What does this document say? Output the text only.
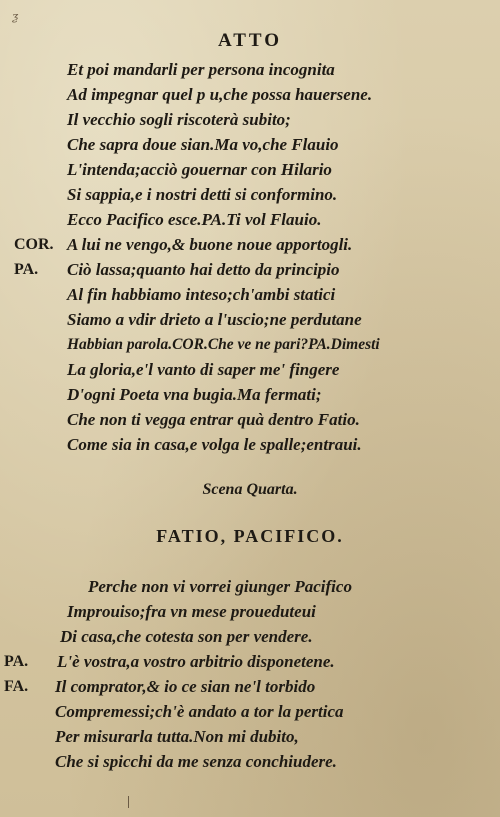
ƺ
ATTO
Et poi mandarli per persona incognita
Ad impegnar quel p u,che possa hauersene.
Il vecchio sogli riscoterà subito;
Che sapra doue sian.Ma vo,che Flauio
L'intenda;acciò gouernar con Hilario
Si sappia,e i nostri detti si conformino.
Ecco Pacifico esce.PA.Ti vol Flauio.
COR. A lui ne vengo,& buone noue apportogli.
PA. Ciò lassa;quanto hai detto da principio
Al fin habbiamo inteso;ch'ambi statici
Siamo a vdir drieto a l'uscio;ne perdutane
Habbian parola.COR.Che ve ne pari?PA.Dimesti
La gloria,e'l vanto di saper me' fingere
D'ogni Poeta vna bugia.Ma fermati;
Che non ti vegga entrar quà dentro Fatio.
Come sia in casa,e volga le spalle;entraui.
Scena Quarta.
FATIO, PACIFICO.
Perche non vi vorrei giunger Pacifico
Improuiso;fra vn mese proueduteui
Di casa,che cotesta son per vendere.
PA. L'è vostra,a vostro arbitrio disponetene.
FA. Il comprator,& io ce sian ne'l torbido
Compremessi;ch'è andato a tor la pertica
Per misurarla tutta.Non mi dubito,
Che si spicchi da me senza conchiudere.
